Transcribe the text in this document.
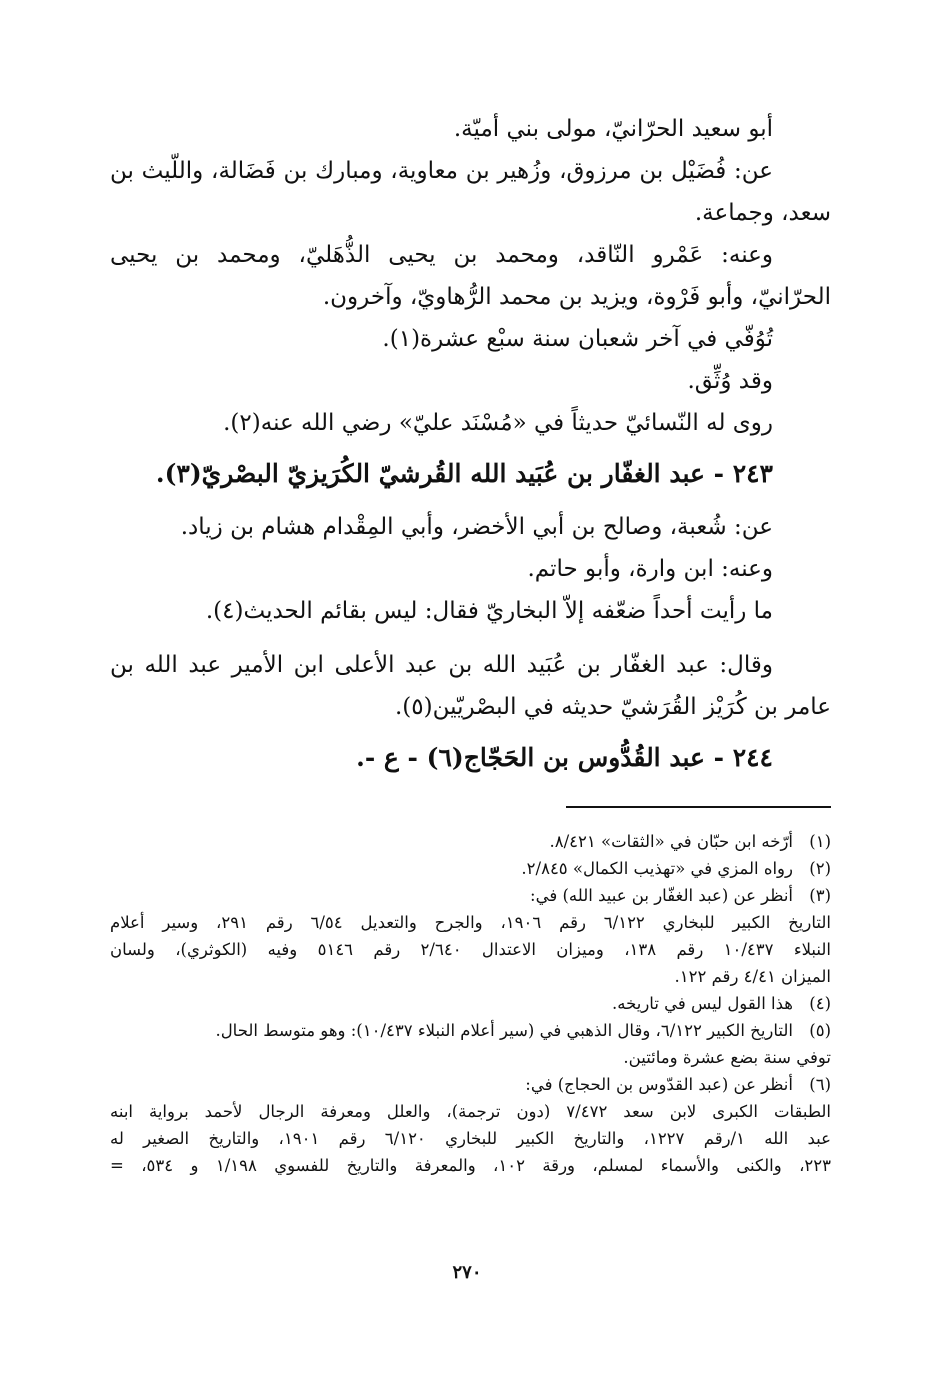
أبو سعيد الحرّانيّ، مولى بني أميّة.
عن: فُضَيْل بن مرزوق، وزُهير بن معاوية، ومبارك بن فَضَالة، واللّيث بن
سعد، وجماعة.
وعنه: عَمْرو النّاقد، ومحمد بن يحيى الذُّهَليّ، ومحمد بن يحيى
الحرّانيّ، وأبو فَرْوة، ويزيد بن محمد الرُّهاويّ، وآخرون.
تُوُفّي في آخر شعبان سنة سبْع عشرة(١).
وقد وُثِّق.
روى له النّسائيّ حديثاً في «مُسْنَد عليّ» رضي الله عنه(٢).
٢٤٣ - عبد الغفّار بن عُبَيد الله القُرشيّ الكُرَيزيّ البصْريّ(٣).
عن: شُعبة، وصالح بن أبي الأخضر، وأبي المِقْدام هشام بن زياد.
وعنه: ابن وارة، وأبو حاتم.
ما رأيت أحداً ضعّفه إلاّ البخاريّ فقال: ليس بقائم الحديث(٤).
وقال: عبد الغفّار بن عُبَيد الله بن عبد الأعلى ابن الأمير عبد الله بن
عامر بن كُرَيْز القُرَشيّ حديثه في البصْريّين(٥).
٢٤٤ - عبد القُدُّوس بن الحَجّاج(٦) - ع -.
(١)
أرّخه ابن حبّان في «الثقات» ٨/٤٢١.
(٢)
رواه المزي في «تهذيب الكمال» ٢/٨٤٥.
(٣)
أنظر عن (عبد الغفّار بن عبيد الله) في:
التاريخ الكبير للبخاري ٦/١٢٢ رقم ١٩٠٦، والجرح والتعديل ٦/٥٤ رقم ٢٩١، وسير أعلام
النبلاء ١٠/٤٣٧ رقم ١٣٨، وميزان الاعتدال ٢/٦٤٠ رقم ٥١٤٦ وفيه (الكوثري)، ولسان
الميزان ٤/٤١ رقم ١٢٢.
(٤)
هذا القول ليس في تاريخه.
(٥)
التاريخ الكبير ٦/١٢٢، وقال الذهبي في (سير أعلام النبلاء ١٠/٤٣٧): وهو متوسط الحال.
توفي سنة بضع عشرة ومائتين.
(٦)
أنظر عن (عبد القدّوس بن الحجاج) في:
الطبقات الكبرى لابن سعد ٧/٤٧٢ (دون ترجمة)، والعلل ومعرفة الرجال لأحمد برواية ابنه
عبد الله ١/رقم ١٢٢٧، والتاريخ الكبير للبخاري ٦/١٢٠ رقم ١٩٠١، والتاريخ الصغير له
٢٢٣، والكنى والأسماء لمسلم، ورقة ١٠٢، والمعرفة والتاريخ للفسوي ١/١٩٨ و ٥٣٤، =
٢٧٠
